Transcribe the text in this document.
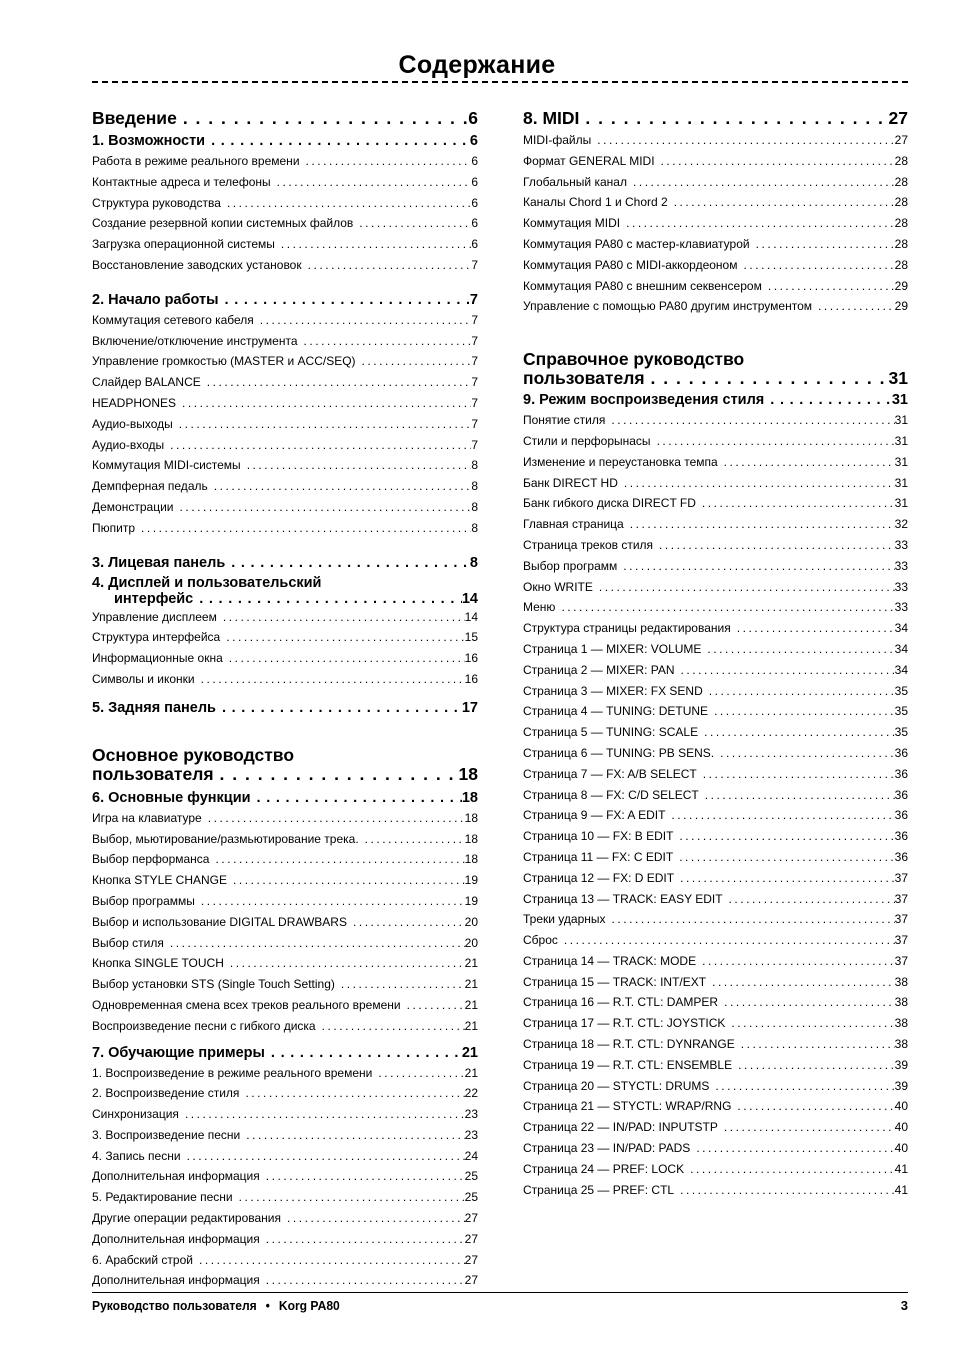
Содержание
Введение . . .	6
1. Возможности . . .	6
Работа в режиме реального времени . . .	6
Контактные адреса и телефоны . . .	6
Структура руководства . . .	6
Создание резервной копии системных файлов . . .	6
Загрузка операционной системы . . .	6
Восстановление заводских установок . . .	7
2. Начало работы . . .	7
Коммутация сетевого кабеля . . .	7
Включение/отключение инструмента . . .	7
Управление громкостью (MASTER и ACC/SEQ) . . .	7
Слайдер BALANCE . . .	7
HEADPHONES . . .	7
Аудио-выходы . . .	7
Аудио-входы . . .	7
Коммутация MIDI-системы . . .	8
Демпферная педаль . . .	8
Демонстрации . . .	8
Пюпитр . . .	8
3. Лицевая панель . . .	8
4. Дисплей и пользовательский
интерфейс . . .	14
Управление дисплеем . . .	14
Структура интерфейса . . .	15
Информационные окна . . .	16
Символы и иконки . . .	16
5. Задняя панель . . .	17
Основное руководство
пользователя . . .	18
6. Основные функции . . .	18
Игра на клавиатуре . . .	18
Выбор, мьютирование/размьютирование трека. . . .	18
Выбор перформанса . . .	18
Кнопка STYLE CHANGE . . .	19
Выбор программы . . .	19
Выбор и использование DIGITAL DRAWBARS . . .	20
Выбор стиля . . .	20
Кнопка SINGLE TOUCH . . .	21
Выбор установки STS (Single Touch Setting) . . .	21
Одновременная смена всех треков реального времени . . .	21
Воспроизведение песни с гибкого диска . . .	21
7. Обучающие примеры . . .	21
1. Воспроизведение в режиме реального времени . . .	21
2. Воспроизведение стиля . . .	22
Синхронизация . . .	23
3. Воспроизведение песни . . .	23
4. Запись песни . . .	24
Дополнительная информация . . .	25
5. Редактирование песни . . .	25
Другие операции редактирования . . .	27
Дополнительная информация . . .	27
6. Арабский строй . . .	27
Дополнительная информация . . .	27
8. MIDI . . .	27
MIDI-файлы . . .	27
Формат GENERAL MIDI . . .	28
Глобальный канал . . .	28
Каналы Chord 1 и Chord 2 . . .	28
Коммутация MIDI . . .	28
Коммутация PA80 с мастер-клавиатурой . . .	28
Коммутация PA80 с MIDI-аккордеоном . . .	28
Коммутация PA80 с внешним секвенсером . . .	29
Управление с помощью PA80 другим инструментом . . .	29
Справочное руководство
пользователя . . .	31
9. Режим воспроизведения стиля . . .	31
Понятие стиля . . .	31
Стили и перфорынасы . . .	31
Изменение и переустановка темпа . . .	31
Банк DIRECT HD . . .	31
Банк гибкого диска DIRECT FD . . .	31
Главная страница . . .	32
Страница треков стиля . . .	33
Выбор программ . . .	33
Окно WRITE . . .	33
Меню . . .	33
Структура страницы редактирования . . .	34
Страница 1 — MIXER: VOLUME . . .	34
Страница 2 — MIXER: PAN . . .	34
Страница 3 — MIXER: FX SEND . . .	35
Страница 4 — TUNING: DETUNE . . .	35
Страница 5 — TUNING: SCALE . . .	35
Страница 6 — TUNING: PB SENS. . . .	36
Страница 7 — FX: A/B SELECT . . .	36
Страница 8 — FX: C/D SELECT . . .	36
Страница 9 — FX: A EDIT . . .	36
Страница 10 — FX: B EDIT . . .	36
Страница 11 — FX: C EDIT . . .	36
Страница 12 — FX: D EDIT . . .	37
Страница 13 — TRACK: EASY EDIT . . .	37
Треки ударных . . .	37
Сброс . . .	37
Страница 14 — TRACK: MODE . . .	37
Страница 15 — TRACK: INT/EXT . . .	38
Страница 16 — R.T. CTL: DAMPER . . .	38
Страница 17 — R.T. CTL: JOYSTICK . . .	38
Страница 18 — R.T. CTL: DYNRANGE . . .	38
Страница 19 — R.T. CTL: ENSEMBLE . . .	39
Страница 20 — STYCTL: DRUMS . . .	39
Страница 21 — STYCTL: WRAP/RNG . . .	40
Страница 22 — IN/PAD: INPUTSTP . . .	40
Страница 23 — IN/PAD: PADS . . .	40
Страница 24 — PREF: LOCK . . .	41
Страница 25 — PREF: CTL . . .	41
Руководство пользователя • Korg PA80	3
